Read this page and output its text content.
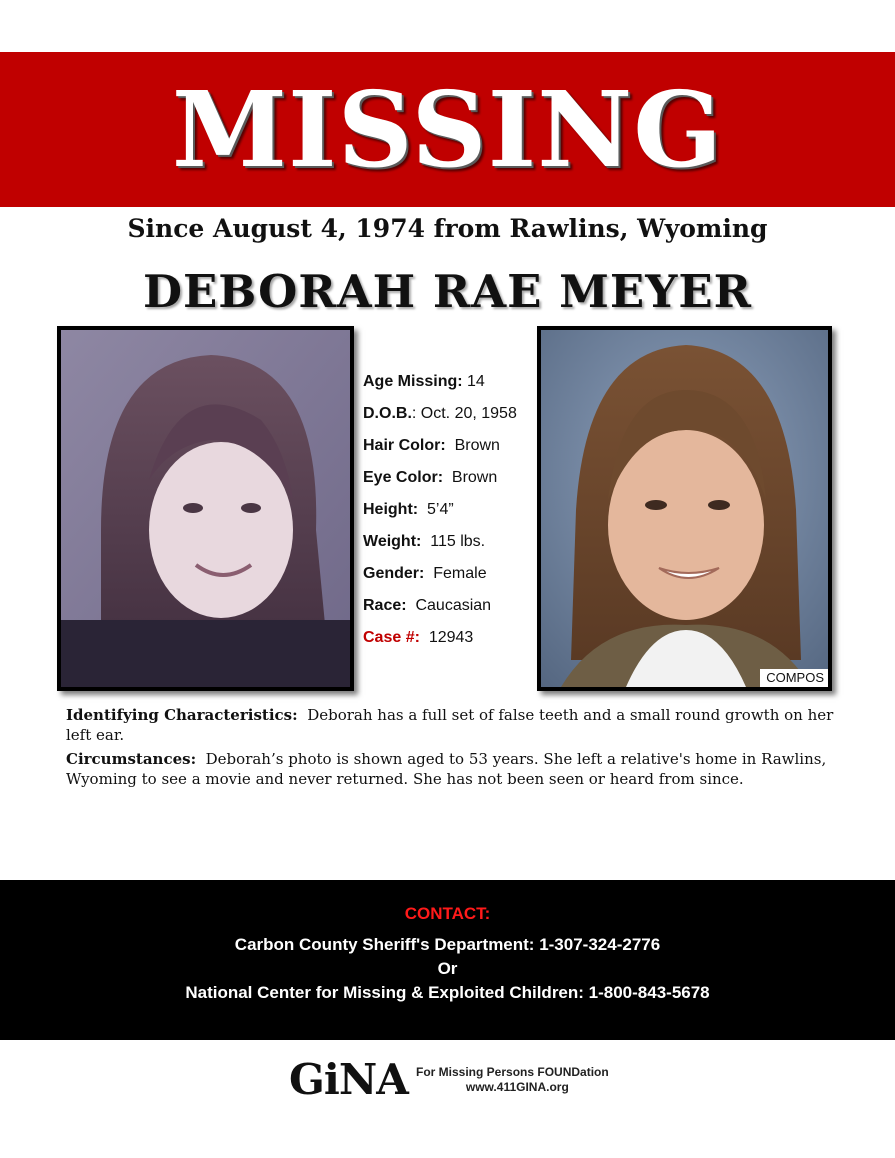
MISSING
Since August 4, 1974 from Rawlins, Wyoming
DEBORAH RAE MEYER
COMPOS
Age Missing: 14
D.O.B.: Oct. 20, 1958
Hair Color: Brown
Eye Color: Brown
Height: 5’4”
Weight: 115 lbs.
Gender: Female
Race: Caucasian
Case #: 12943

Identifying Characteristics: Deborah has a full set of false teeth and a small round growth on her left ear.

Circumstances: Deborah’s photo is shown aged to 53 years. She left a relative's home in Rawlins, Wyoming to see a movie and never returned. She has not been seen or heard from since.

CONTACT:
Carbon County Sheriff's Department: 1-307-324-2776
Or
National Center for Missing & Exploited Children: 1-800-843-5678
GiNA For Missing Persons FOUNDation
www.411GINA.org
